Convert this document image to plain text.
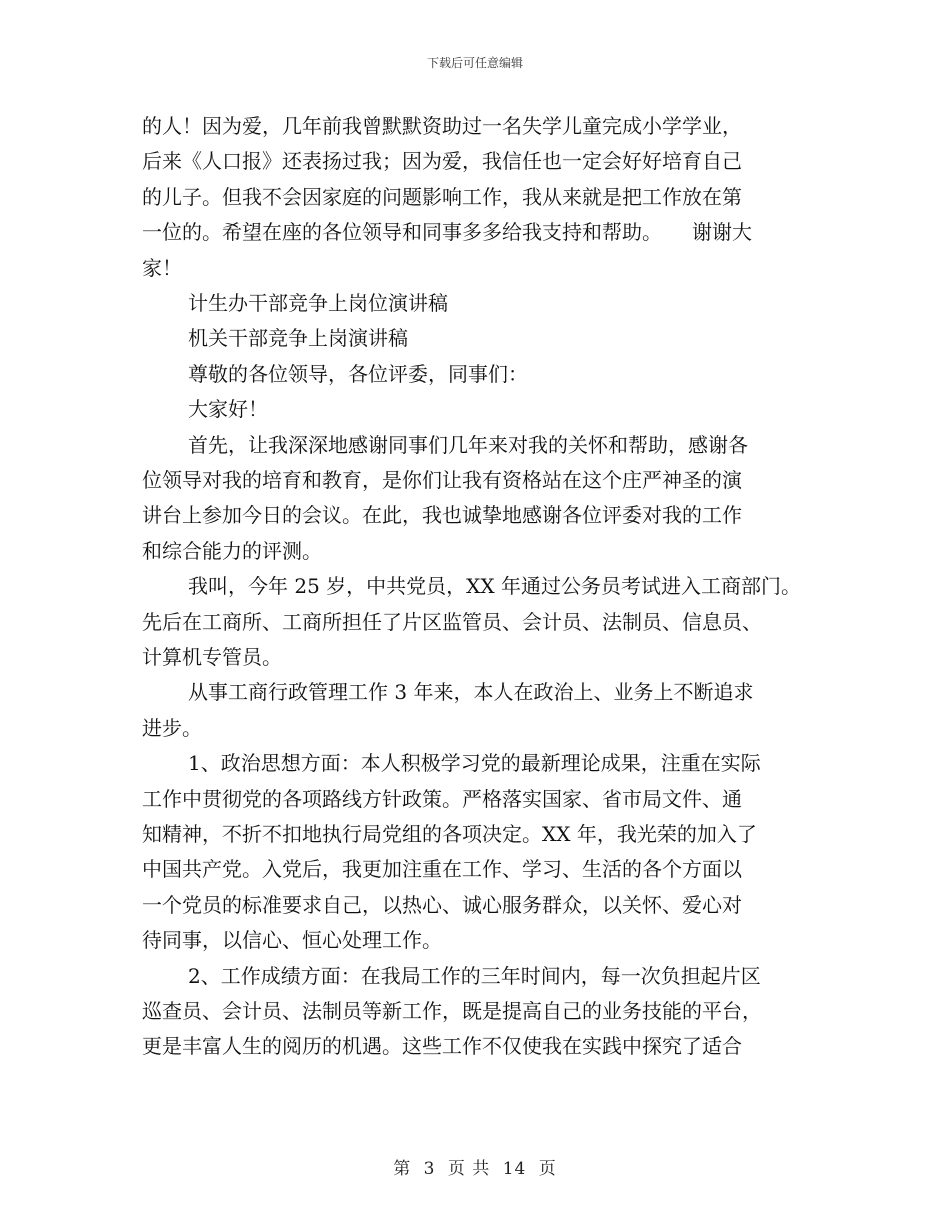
下载后可任意编辑
的人！因为爱，几年前我曾默默资助过一名失学儿童完成小学学业，
后来《人口报》还表扬过我；因为爱，我信任也一定会好好培育自己
的儿子。但我不会因家庭的问题影响工作，我从来就是把工作放在第
一位的。希望在座的各位领导和同事多多给我支持和帮助。　　谢谢大
家！
计生办干部竞争上岗位演讲稿
机关干部竞争上岗演讲稿
尊敬的各位领导，各位评委，同事们：
大家好！
首先，让我深深地感谢同事们几年来对我的关怀和帮助，感谢各
位领导对我的培育和教育，是你们让我有资格站在这个庄严神圣的演
讲台上参加今日的会议。在此，我也诚挚地感谢各位评委对我的工作
和综合能力的评测。
我叫，今年 25 岁，中共党员，XX 年通过公务员考试进入工商部门。
先后在工商所、工商所担任了片区监管员、会计员、法制员、信息员、
计算机专管员。
从事工商行政管理工作 3 年来，本人在政治上、业务上不断追求
进步。
1、政治思想方面：本人积极学习党的最新理论成果，注重在实际
工作中贯彻党的各项路线方针政策。严格落实国家、省市局文件、通
知精神，不折不扣地执行局党组的各项决定。XX 年，我光荣的加入了
中国共产党。入党后，我更加注重在工作、学习、生活的各个方面以
一个党员的标准要求自己，以热心、诚心服务群众，以关怀、爱心对
待同事，以信心、恒心处理工作。
2、工作成绩方面：在我局工作的三年时间内，每一次负担起片区
巡查员、会计员、法制员等新工作，既是提高自己的业务技能的平台，
更是丰富人生的阅历的机遇。这些工作不仅使我在实践中探究了适合
第 3 页 共 14 页
